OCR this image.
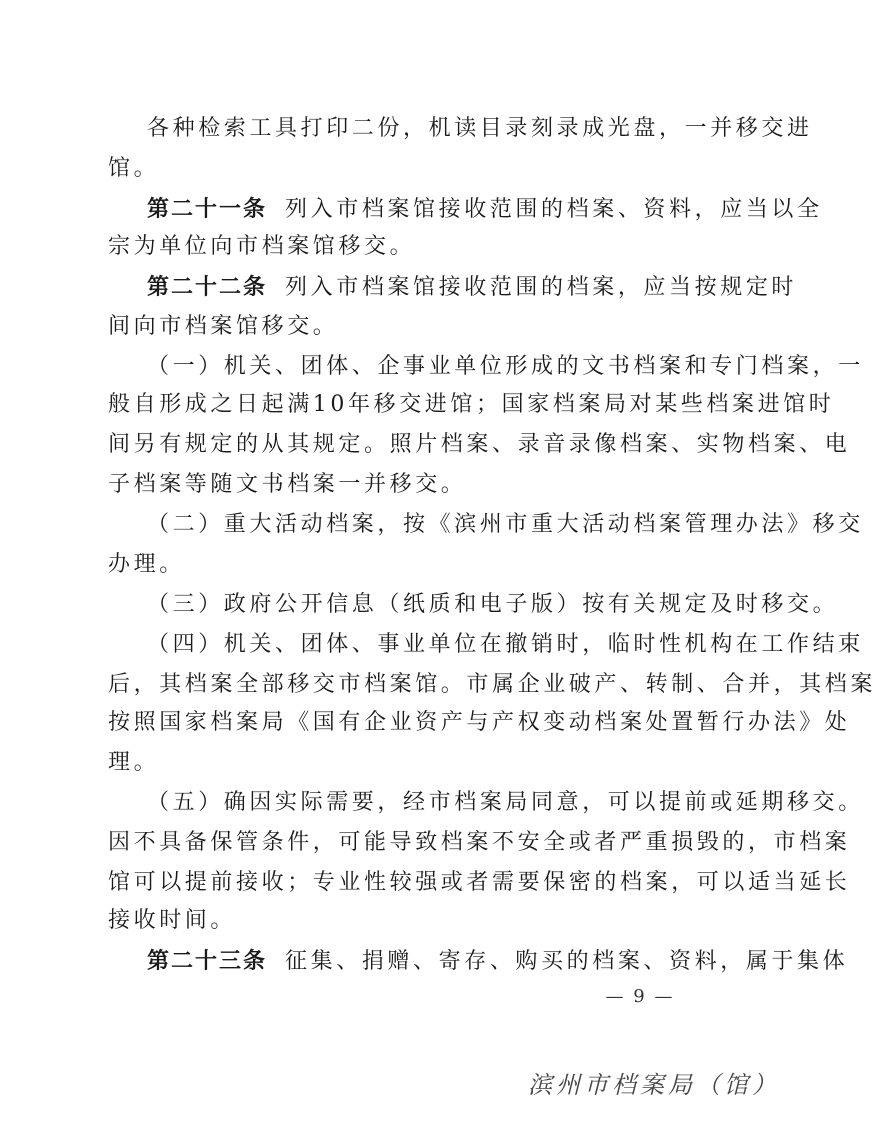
各种检索工具打印二份，机读目录刻录成光盘，一并移交进
馆。
第二十一条 列入市档案馆接收范围的档案、资料，应当以全
宗为单位向市档案馆移交。
第二十二条 列入市档案馆接收范围的档案，应当按规定时
间向市档案馆移交。
（一）机关、团体、企事业单位形成的文书档案和专门档案，一
般自形成之日起满10年移交进馆；国家档案局对某些档案进馆时
间另有规定的从其规定。照片档案、录音录像档案、实物档案、电
子档案等随文书档案一并移交。
（二）重大活动档案，按《滨州市重大活动档案管理办法》移交
办理。
（三）政府公开信息（纸质和电子版）按有关规定及时移交。
（四）机关、团体、事业单位在撤销时，临时性机构在工作结束
后，其档案全部移交市档案馆。市属企业破产、转制、合并，其档案
按照国家档案局《国有企业资产与产权变动档案处置暂行办法》处
理。
（五）确因实际需要，经市档案局同意，可以提前或延期移交。
因不具备保管条件，可能导致档案不安全或者严重损毁的，市档案
馆可以提前接收；专业性较强或者需要保密的档案，可以适当延长
接收时间。
第二十三条 征集、捐赠、寄存、购买的档案、资料，属于集体
— 9 —
滨州市档案局（馆）
